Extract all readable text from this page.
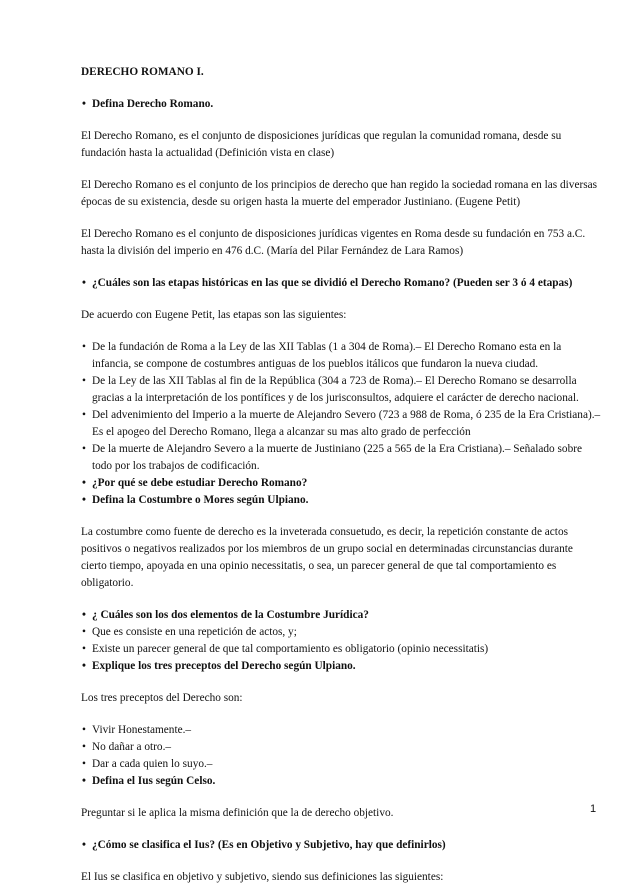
DERECHO ROMANO I.

• Defina Derecho Romano.

El Derecho Romano, es el conjunto de disposiciones jurídicas que regulan la comunidad romana, desde su fundación hasta la actualidad (Definición vista en clase)

El Derecho Romano es el conjunto de los principios de derecho que han regido la sociedad romana en las diversas épocas de su existencia, desde su origen hasta la muerte del emperador Justiniano. (Eugene Petit)

El Derecho Romano es el conjunto de disposiciones jurídicas vigentes en Roma desde su fundación en 753 a.C. hasta la división del imperio en 476 d.C. (María del Pilar Fernández de Lara Ramos)

• ¿Cuáles son las etapas históricas en las que se dividió el Derecho Romano? (Pueden ser 3 ó 4 etapas)

De acuerdo con Eugene Petit, las etapas son las siguientes:

• De la fundación de Roma a la Ley de las XII Tablas (1 a 304 de Roma).– El Derecho Romano esta en la infancia, se compone de costumbres antiguas de los pueblos itálicos que fundaron la nueva ciudad.

• De la Ley de las XII Tablas al fin de la República (304 a 723 de Roma).– El Derecho Romano se desarrolla gracias a la interpretación de los pontífices y de los jurisconsultos, adquiere el carácter de derecho nacional.

• Del advenimiento del Imperio a la muerte de Alejandro Severo (723 a 988 de Roma, ó 235 de la Era Cristiana).– Es el apogeo del Derecho Romano, llega a alcanzar su mas alto grado de perfección

• De la muerte de Alejandro Severo a la muerte de Justiniano (225 a 565 de la Era Cristiana).– Señalado sobre todo por los trabajos de codificación.

• ¿Por qué se debe estudiar Derecho Romano?

• Defina la Costumbre o Mores según Ulpiano.

La costumbre como fuente de derecho es la inveterada consuetudo, es decir, la repetición constante de actos positivos o negativos realizados por los miembros de un grupo social en determinadas circunstancias durante cierto tiempo, apoyada en una opinio necessitatis, o sea, un parecer general de que tal comportamiento es obligatorio.

• ¿ Cuáles son los dos elementos de la Costumbre Jurídica?

• Que es consiste en una repetición de actos, y;

• Existe un parecer general de que tal comportamiento es obligatorio (opinio necessitatis)

• Explique los tres preceptos del Derecho según Ulpiano.

Los tres preceptos del Derecho son:

• Vivir Honestamente.–

• No dañar a otro.–

• Dar a cada quien lo suyo.–

• Defina el Ius según Celso.

Preguntar si le aplica la misma definición que la de derecho objetivo.

• ¿Cómo se clasifica el Ius? (Es en Objetivo y Subjetivo, hay que definirlos)

El Ius se clasifica en objetivo y subjetivo, siendo sus definiciones las siguientes:

1
